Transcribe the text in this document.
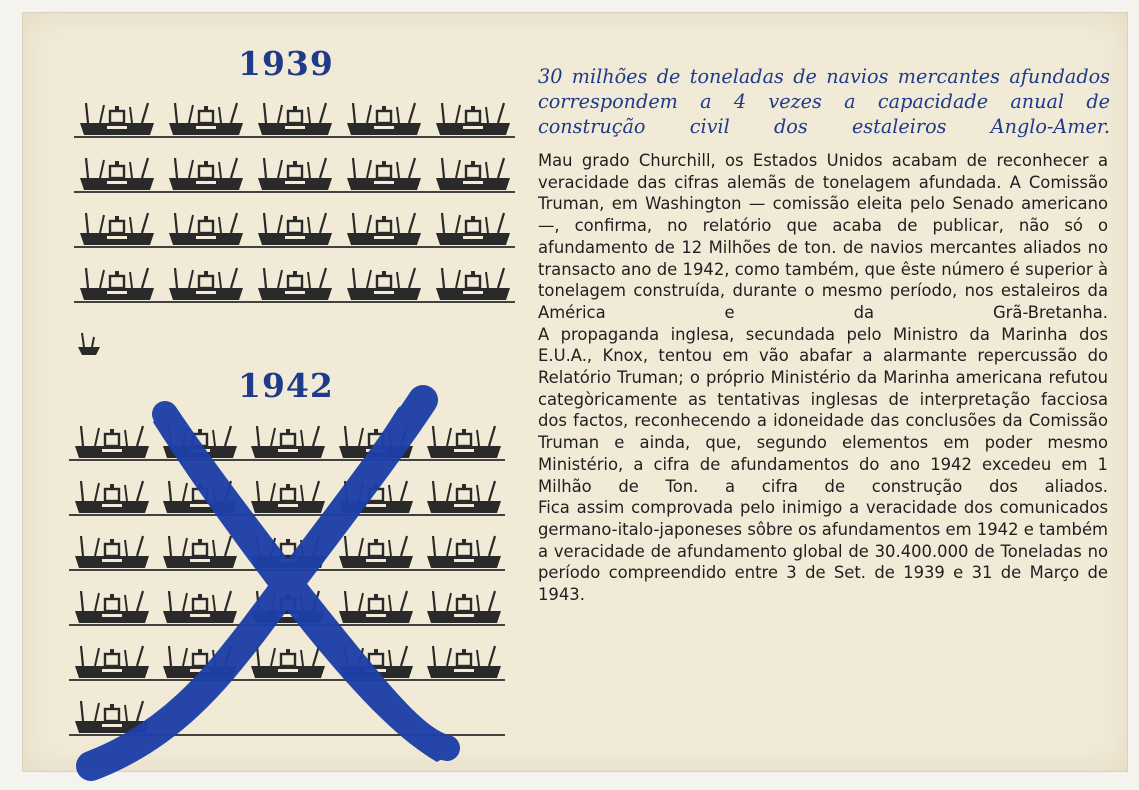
1939
1942
30 milhões de toneladas de navios mercantes afundados correspondem a 4 vezes a capacidade anual de construção civil dos estaleiros Anglo-Amer.

Mau grado Churchill, os Estados Unidos acabam de reconhecer a veracidade das cifras alemãs de tonelagem afundada. A Comissão Truman, em Washington — comissão eleita pelo Senado americano —, confirma, no relatório que acaba de publicar, não só o afundamento de 12 Milhões de ton. de navios mercantes aliados no transacto ano de 1942, como também, que êste número é superior à tonelagem construída, durante o mesmo período, nos estaleiros da América e da Grã-Bretanha.

A propaganda inglesa, secundada pelo Ministro da Marinha dos E.U.A., Knox, tentou em vão abafar a alarmante repercussão do Relatório Truman; o próprio Ministério da Marinha americana refutou categòricamente as tentativas inglesas de interpretação facciosa dos factos, reconhecendo a idoneidade das conclusões da Comissão Truman e ainda, que, segundo elementos em poder mesmo Ministério, a cifra de afundamentos do ano 1942 excedeu em 1 Milhão de Ton. a cifra de construção dos aliados.

Fica assim comprovada pelo inimigo a veracidade dos comunicados germano-italo-japoneses sôbre os afundamentos em 1942 e também a veracidade de afundamento global de 30.400.000 de Toneladas no período compreendido entre 3 de Set. de 1939 e 31 de Março de 1943.
